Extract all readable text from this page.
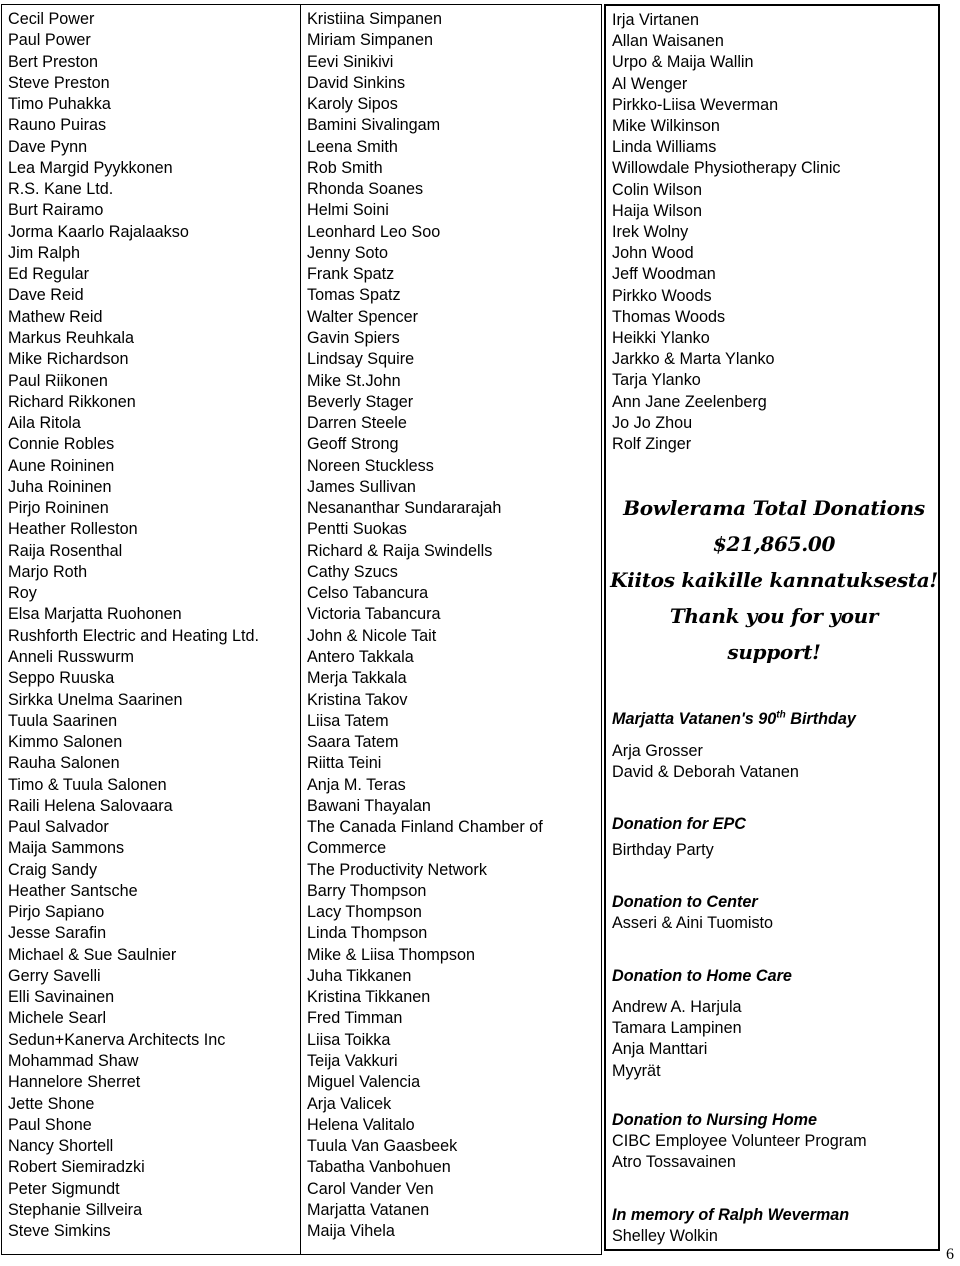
Cecil Power
Paul Power
Bert Preston
Steve Preston
Timo Puhakka
Rauno Puiras
Dave Pynn
Lea Margid Pyykkonen
R.S. Kane Ltd.
Burt Rairamo
Jorma Kaarlo Rajalaakso
Jim Ralph
Ed Regular
Dave Reid
Mathew Reid
Markus Reuhkala
Mike Richardson
Paul Riikonen
Richard Rikkonen
Aila Ritola
Connie Robles
Aune Roininen
Juha Roininen
Pirjo Roininen
Heather Rolleston
Raija Rosenthal
Marjo Roth
Roy
Elsa Marjatta Ruohonen
Rushforth Electric and Heating Ltd.
Anneli Russwurm
Seppo Ruuska
Sirkka Unelma Saarinen
Tuula Saarinen
Kimmo Salonen
Rauha Salonen
Timo & Tuula Salonen
Raili Helena Salovaara
Paul Salvador
Maija Sammons
Craig Sandy
Heather Santsche
Pirjo Sapiano
Jesse Sarafin
Michael & Sue Saulnier
Gerry Savelli
Elli Savinainen
Michele Searl
Sedun+Kanerva Architects Inc
Mohammad Shaw
Hannelore Sherret
Jette Shone
Paul Shone
Nancy Shortell
Robert Siemiradzki
Peter Sigmundt
Stephanie Sillveira
Steve Simkins
Kristiina Simpanen
Miriam Simpanen
Eevi Sinikivi
David Sinkins
Karoly Sipos
Bamini Sivalingam
Leena Smith
Rob Smith
Rhonda Soanes
Helmi Soini
Leonhard Leo Soo
Jenny Soto
Frank Spatz
Tomas Spatz
Walter Spencer
Gavin Spiers
Lindsay Squire
Mike St.John
Beverly Stager
Darren Steele
Geoff Strong
Noreen Stuckless
James Sullivan
Nesananthar Sundararajah
Pentti Suokas
Richard & Raija Swindells
Cathy Szucs
Celso Tabancura
Victoria Tabancura
John & Nicole Tait
Antero Takkala
Merja Takkala
Kristina Takov
Liisa Tatem
Saara Tatem
Riitta Teini
Anja M. Teras
Bawani Thayalan
The Canada Finland Chamber of
Commerce
The Productivity Network
Barry Thompson
Lacy Thompson
Linda Thompson
Mike & Liisa Thompson
Juha Tikkanen
Kristina Tikkanen
Fred Timman
Liisa Toikka
Teija Vakkuri
Miguel Valencia
Arja Valicek
Helena Valitalo
Tuula Van Gaasbeek
Tabatha Vanbohuen
Carol Vander Ven
Marjatta Vatanen
Maija Vihela
Irja Virtanen
Allan Waisanen
Urpo & Maija Wallin
Al Wenger
Pirkko-Liisa Weverman
Mike Wilkinson
Linda Williams
Willowdale Physiotherapy Clinic
Colin Wilson
Haija Wilson
Irek Wolny
John Wood
Jeff Woodman
Pirkko Woods
Thomas Woods
Heikki Ylanko
Jarkko & Marta Ylanko
Tarja Ylanko
Ann Jane Zeelenberg
Jo Jo Zhou
Rolf Zinger
Bowlerama Total Donations
$21,865.00
Kiitos kaikille kannatuksesta!
Thank you for your
support!
Marjatta Vatanen's 90th Birthday
Arja Grosser
David & Deborah Vatanen
Donation for EPC
Birthday Party
Donation to Center
Asseri & Aini Tuomisto
Donation to Home Care
Andrew A. Harjula
Tamara Lampinen
Anja Manttari
Myyrät
Donation to Nursing Home
CIBC Employee Volunteer Program
Atro Tossavainen
In memory of Ralph Weverman
Shelley Wolkin
6
